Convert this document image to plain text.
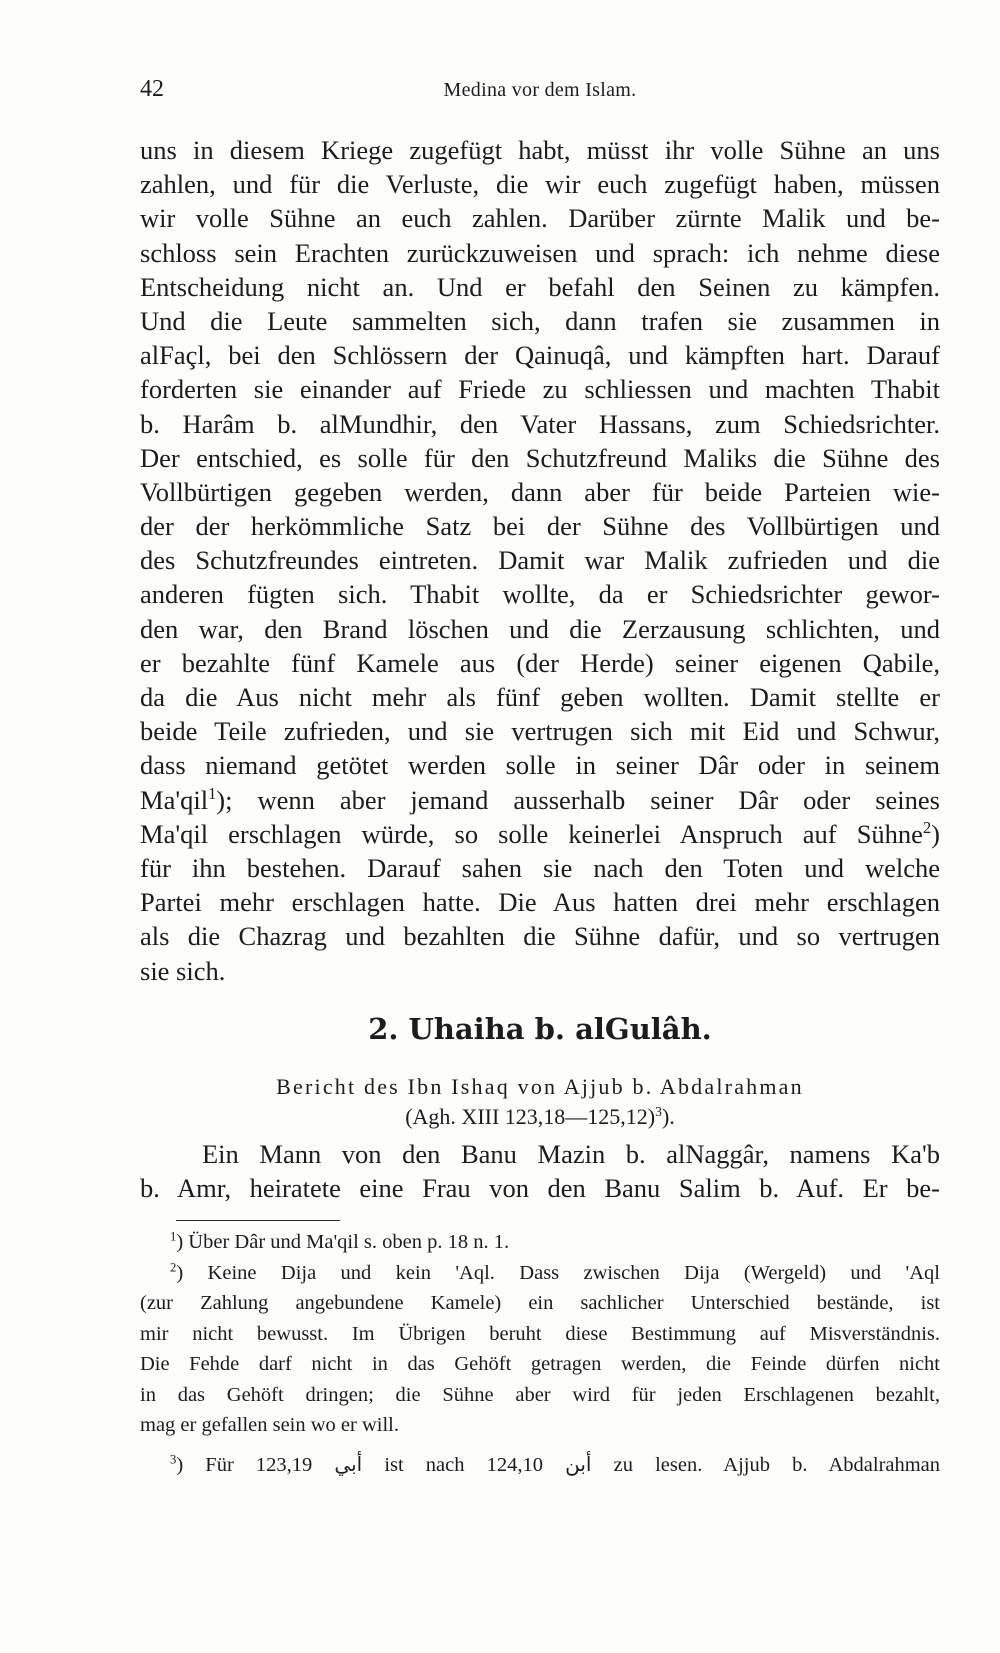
42	Medina vor dem Islam.
uns in diesem Kriege zugefügt habt, müsst ihr volle Sühne an uns
zahlen, und für die Verluste, die wir euch zugefügt haben, müssen
wir volle Sühne an euch zahlen. Darüber zürnte Malik und be-
schloss sein Erachten zurückzuweisen und sprach: ich nehme diese
Entscheidung nicht an. Und er befahl den Seinen zu kämpfen.
Und die Leute sammelten sich, dann trafen sie zusammen in
alFaçl, bei den Schlössern der Qainuqâ, und kämpften hart. Darauf
forderten sie einander auf Friede zu schliessen und machten Thabit
b. Harâm b. alMundhir, den Vater Hassans, zum Schiedsrichter.
Der entschied, es solle für den Schutzfreund Maliks die Sühne des
Vollbürtigen gegeben werden, dann aber für beide Parteien wie-
der der herkömmliche Satz bei der Sühne des Vollbürtigen und
des Schutzfreundes eintreten. Damit war Malik zufrieden und die
anderen fügten sich. Thabit wollte, da er Schiedsrichter gewor-
den war, den Brand löschen und die Zerzausung schlichten, und
er bezahlte fünf Kamele aus (der Herde) seiner eigenen Qabile,
da die Aus nicht mehr als fünf geben wollten. Damit stellte er
beide Teile zufrieden, und sie vertrugen sich mit Eid und Schwur,
dass niemand getötet werden solle in seiner Dâr oder in seinem
Ma'qil$^1$); wenn aber jemand ausserhalb seiner Dâr oder seines
Ma'qil erschlagen würde, so solle keinerlei Anspruch auf Sühne$^2$)
für ihn bestehen. Darauf sahen sie nach den Toten und welche
Partei mehr erschlagen hatte. Die Aus hatten drei mehr erschlagen
als die Chazrag und bezahlten die Sühne dafür, und so vertrugen
sie sich.
2. Uhaiha b. alGulâh.
Bericht des Ibn Ishaq von Ajjub b. Abdalrahman
(Agh. XIII 123,18—125,12)$^3$).
Ein Mann von den Banu Mazin b. alNaggâr, namens Ka'b
b. Amr, heiratete eine Frau von den Banu Salim b. Auf. Er be-
$^1$) Über Dâr und Ma'qil s. oben p. 18 n. 1.
$^2$) Keine Dija und kein 'Aql. Dass zwischen Dija (Wergeld) und 'Aql
(zur Zahlung angebundene Kamele) ein sachlicher Unterschied bestände, ist
mir nicht bewusst. Im Übrigen beruht diese Bestimmung auf Misverständnis.
Die Fehde darf nicht in das Gehöft getragen werden, die Feinde dürfen nicht
in das Gehöft dringen; die Sühne aber wird für jeden Erschlagenen bezahlt,
mag er gefallen sein wo er will.
$^3$) Für	أبي 123,19 ist nach 124,10 أبن zu lesen. Ajjub b. Abdalrahman
